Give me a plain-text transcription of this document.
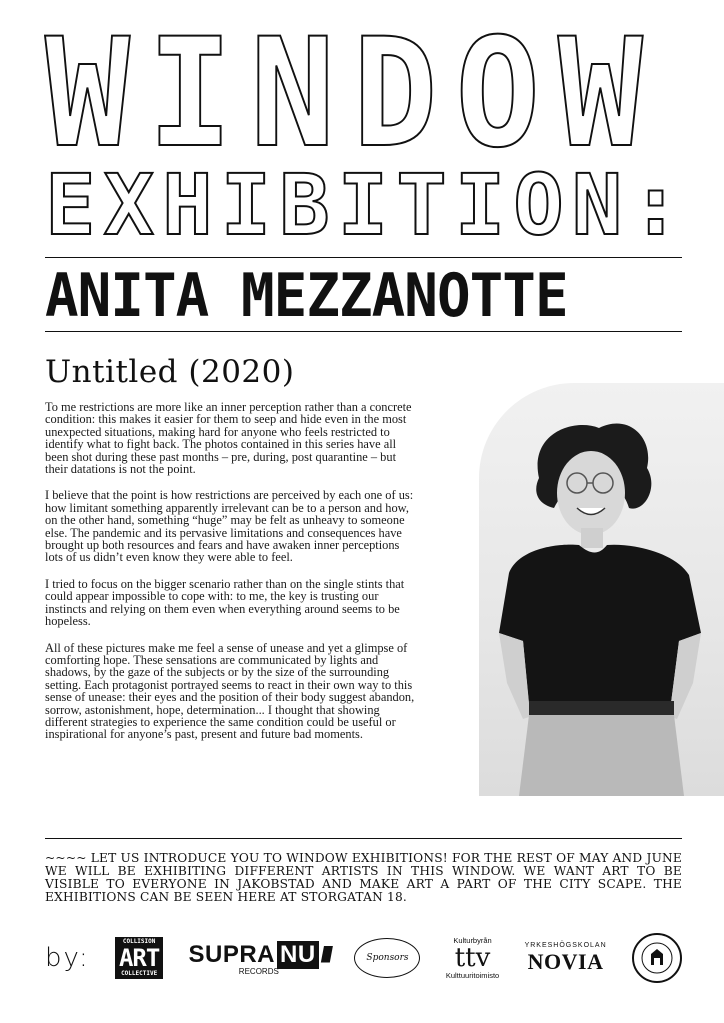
W I N D O W
E X H I B I T I O N :
ANITA MEZZANOTTE
Untitled (2020)

To me restrictions are more like an inner perception rather than a concrete condition: this makes it easier for them to seep and hide even in the most unexpected situations, making hard for anyone who feels restricted to identify what to fight back. The photos contained in this series have all been shot during these past months – pre, during, post quarantine – but their datations is not the point.

I believe that the point is how restrictions are perceived by each one of us: how limitant something apparently irrelevant can be to a person and how, on the other hand, something “huge” may be felt as unheavy to someone else. The pandemic and its pervasive limitations and consequences have brought up both resources and fears and have awaken inner perceptions lots of us didn’t even know they were able to feel.

I tried to focus on the bigger scenario rather than on the single stints that could appear impossible to cope with: to me, the key is trusting our instincts and relying on them even when everything around seems to be hopeless.

All of these pictures make me feel a sense of unease and yet a glimpse of comforting hope. These sensations are communicated by lights and shadows, by the gaze of the subjects or by the size of the surrounding setting. Each protagonist portrayed seems to react in their own way to this sense of unease: their eyes and the position of their body suggest abandon, sorrow, astonishment, hope, determination... I thought that showing different strategies to experience the same condition could be useful or inspirational for anyone’s past, present and future bad moments.

~~~~ LET US INTRODUCE YOU TO WINDOW EXHIBITIONS! FOR THE REST OF MAY AND JUNE WE WILL BE EXHIBITING DIFFERENT ARTISTS IN THIS WINDOW. WE WANT ART TO BE VISIBLE TO EVERYONE IN JAKOBSTAD AND MAKE ART A PART OF THE CITY SCAPE. THE EXHIBITIONS CAN BE SEEN HERE AT STORGATAN 18.
by:
COLLISION
ART
COLLECTIVE
SUPRA NU ////
RECORDS
Sponsors
Kulturbyrån
ttv
Kulttuuritoimisto
YRKESHÖGSKOLAN
NOVIA
